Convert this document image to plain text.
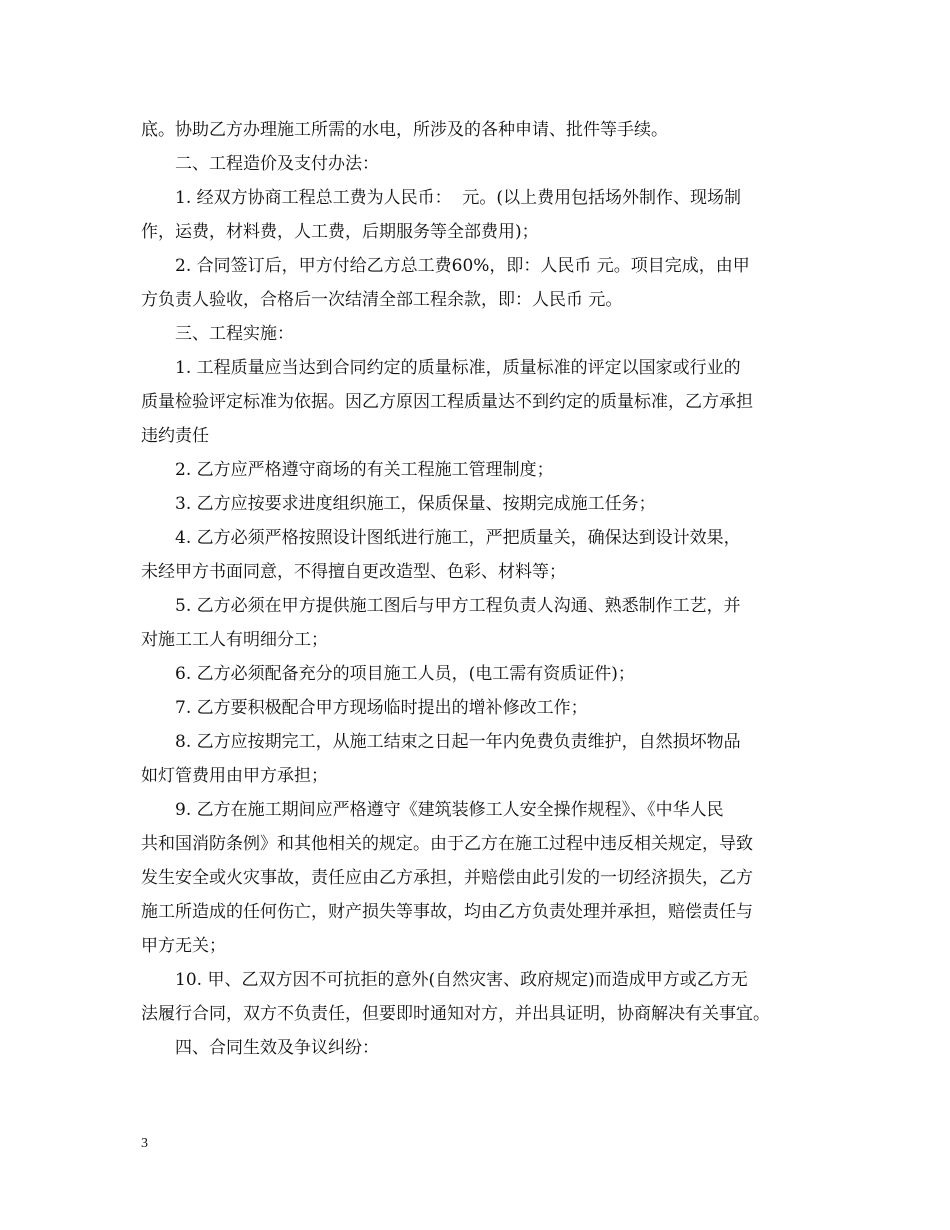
底。协助乙方办理施工所需的水电，所涉及的各种申请、批件等手续。
二、工程造价及支付办法：
1. 经双方协商工程总工费为人民币：  元。(以上费用包括场外制作、现场制
作，运费，材料费，人工费，后期服务等全部费用)；
2. 合同签订后，甲方付给乙方总工费60%，即：人民币 元。项目完成，由甲
方负责人验收，合格后一次结清全部工程余款，即：人民币 元。
三、工程实施：
1. 工程质量应当达到合同约定的质量标准，质量标准的评定以国家或行业的
质量检验评定标准为依据。因乙方原因工程质量达不到约定的质量标准，乙方承担
违约责任
2. 乙方应严格遵守商场的有关工程施工管理制度；
3. 乙方应按要求进度组织施工，保质保量、按期完成施工任务；
4. 乙方必须严格按照设计图纸进行施工，严把质量关，确保达到设计效果，
未经甲方书面同意，不得擅自更改造型、色彩、材料等；
5. 乙方必须在甲方提供施工图后与甲方工程负责人沟通、熟悉制作工艺，并
对施工工人有明细分工；
6. 乙方必须配备充分的项目施工人员，(电工需有资质证件)；
7. 乙方要积极配合甲方现场临时提出的增补修改工作；
8. 乙方应按期完工，从施工结束之日起一年内免费负责维护，自然损坏物品
如灯管费用由甲方承担；
9. 乙方在施工期间应严格遵守《建筑装修工人安全操作规程》、《中华人民
共和国消防条例》和其他相关的规定。由于乙方在施工过程中违反相关规定，导致
发生安全或火灾事故，责任应由乙方承担，并赔偿由此引发的一切经济损失，乙方
施工所造成的任何伤亡，财产损失等事故，均由乙方负责处理并承担，赔偿责任与
甲方无关；
10. 甲、乙双方因不可抗拒的意外(自然灾害、政府规定)而造成甲方或乙方无
法履行合同，双方不负责任，但要即时通知对方，并出具证明，协商解决有关事宜。
四、合同生效及争议纠纷：
3
